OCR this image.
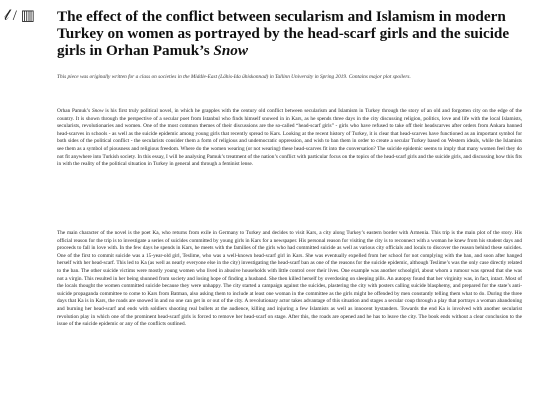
𝓁 / ▥ The effect of the conflict between secularism and Islamism in modern Turkey on women as portrayed by the head-scarf girls and the suicide girls in Orhan Pamuk’s Snow

This piece was originally written for a class on societies in the Middle-East (Lähis-Ida ühiskonnad) in Tallinn University in Spring 2019. Contains major plot spoilers.

Orhan Pamuk’s Snow is his first truly political novel, in which he grapples with the century old conflict between secularism and Islamism in Turkey through the story of an old and forgotten city on the edge of the country. It is shown through the perspective of a secular poet from Istanbul who finds himself snowed in in Kars, as he spends three days in the city discussing religion, politics, love and life with the local Islamists, secularists, revolutionaries and women. One of the most common themes of their discussions are the so-called “head-scarf girls” - girls who have refused to take off their headscarves after orders from Ankara banned head-scarves in schools - as well as the suicide epidemic among young girls that recently spread to Kars. Looking at the recent history of Turkey, it is clear that head-scarves have functioned as an important symbol for both sides of the political conflict - the secularists consider them a form of religious and undemocratic oppression, and wish to ban them in order to create a secular Turkey based on Western ideals, while the Islamists see them as a symbol of piousness and religious freedom. Where do the women wearing (or not wearing) these head-scarves fit into the conversation? The suicide epidemic seems to imply that many women feel they do not fit anywhere into Turkish society. In this essay, I will be analysing Pamuk’s treatment of the nation’s conflict with particular focus on the topics of the head-scarf girls and the suicide girls, and discussing how this fits in with the reality of the political situation in Turkey in general and through a feminist lense.

The main character of the novel is the poet Ka, who returns from exile in Germany to Turkey and decides to visit Kars, a city along Turkey’s eastern border with Armenia. This trip is the main plot of the story. His official reason for the trip is to investigate a series of suicides committed by young girls in Kars for a newspaper. His personal reason for visiting the city is to reconnect with a woman he knew from his student days and proceeds to fall in love with. In the few days he spends in Kars, he meets with the families of the girls who had committed suicide as well as various city officials and locals to discover the reason behind these suicides. One of the first to commit suicide was a 15-year-old girl, Teslime, who was a well-known head-scarf girl in Kars. She was eventually expelled from her school for not complying with the ban, and soon after hanged herself with her head-scarf. This led to Ka (as well as nearly everyone else in the city) investigating the head-scarf ban as one of the reasons for the suicide epidemic, although Teslime’s was the only case directly related to the ban. The other suicide victims were mostly young women who lived in abusive households with little control over their lives. One example was another schoolgirl, about whom a rumour was spread that she was not a virgin. This resulted in her being shunned from society and losing hope of finding a husband. She then killed herself by overdosing on sleeping pills. An autopsy found that her virginity was, in fact, intact. Most of the locals thought the women committed suicide because they were unhappy. The city started a campaign against the suicides, plastering the city with posters calling suicide blasphemy, and prepared for the state’s anti-suicide propaganda committee to come to Kars from Batman, also asking them to include at least one woman in the committee as the girls might be offended by men constantly telling them what to do. During the three days that Ka is in Kars, the roads are snowed in and no one can get in or out of the city. A revolutionary actor takes advantage of this situation and stages a secular coup through a play that portrays a woman abandoning and burning her head-scarf and ends with soldiers shooting real bullets at the audience, killing and injuring a few Islamists as well as innocent bystanders. Towards the end Ka is involved with another secularist revolution play in which one of the prominent head-scarf girls is forced to remove her head-scarf on stage. After this, the roads are opened and he has to leave the city. The book ends without a clear conclusion to the issue of the suicide epidemic or any of the conflicts outlined.
